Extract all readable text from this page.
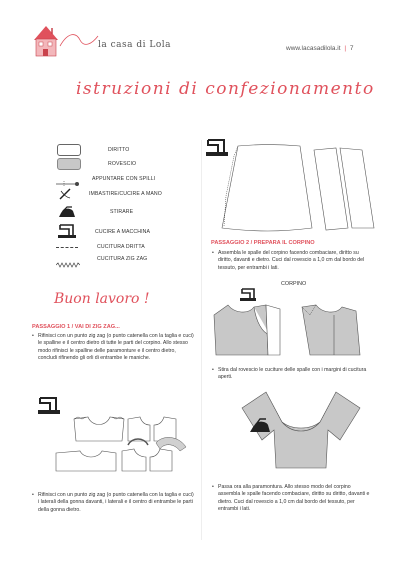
la casa di Lola	www.lacasadilola.it | 7
istruzioni di confezionamento
DIRITTO
ROVESCIO
APPUNTARE CON SPILLI
IMBASTIRE/CUCIRE A MANO
STIRARE
CUCIRE A MACCHINA
CUCITURA DRITTA
CUCITURA ZIG ZAG
Buon lavoro !
PASSAGGIO 1 / VAI DI ZIG ZAG...
• Rifinisci con un punto zig zag (o punto catenella con la taglia e cuci) le spalline e il centro dietro di tutte le parti del corpino. Allo stesso modo rifinisci le spalline delle paramonture e il centro dietro, concludi rifinendo gli orli di entrambe le maniche.
• Rifinisci con un punto zig zag (o punto catenella con la taglia e cuci) i laterali della gonna davanti, i laterali e il centro di entrambe le parti della gonna dietro.
PASSAGGIO 2 / PREPARA IL CORPINO
• Assembla le spalle del corpino facendo combaciare, diritto su diritto, davanti e dietro. Cuci dal rovescio a 1,0 cm dal bordo del tessuto, per entrambi i lati.
CORPINO
• Stira dal rovescio le cuciture delle spalle con i margini di cucitura aperti.
• Passa ora alla paramontura. Allo stesso modo del corpino assembla le spalle facendo combaciare, diritto su diritto, davanti e dietro. Cuci dal rovescio a 1,0 cm dal bordo del tessuto, per entrambi i lati.
